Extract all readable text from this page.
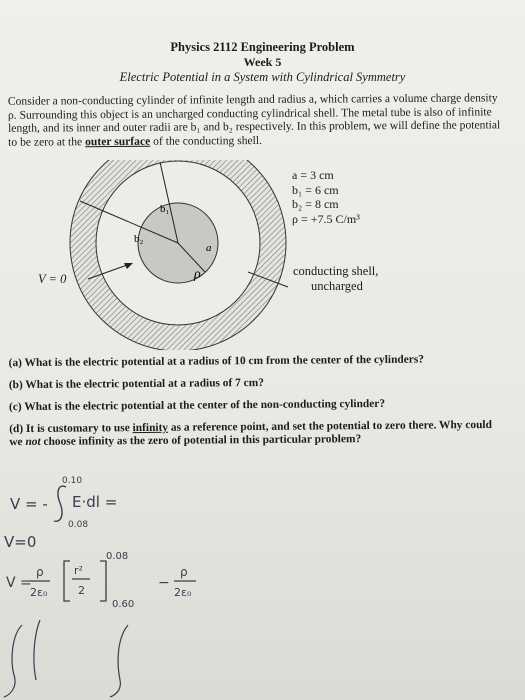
Physics 2112 Engineering Problem
Week 5
Electric Potential in a System with Cylindrical Symmetry
Consider a non-conducting cylinder of infinite length and radius a, which carries a volume charge density ρ. Surrounding this object is an uncharged conducting cylindrical shell. The metal tube is also of infinite length, and its inner and outer radii are b₁ and b₂ respectively. In this problem, we will define the potential to be zero at the outer surface of the conducting shell.
b₁
b₂
a
ρ
a = 3 cm
b₁ = 6 cm
b₂ = 8 cm
ρ = +7.5 C/m³
conducting shell,
uncharged
V = 0
(a) What is the electric potential at a radius of 10 cm from the center of the cylinders?
(b) What is the electric potential at a radius of 7 cm?
(c) What is the electric potential at the center of the non-conducting cylinder?
(d) It is customary to use infinity as a reference point, and set the potential to zero there. Why could we not choose infinity as the zero of potential in this particular problem?
V = -
0.10
0.08
E·dl =
V=0
V =
ρ
2ε₀
r²
2
0.08
0.60
−
ρ
2ε₀
